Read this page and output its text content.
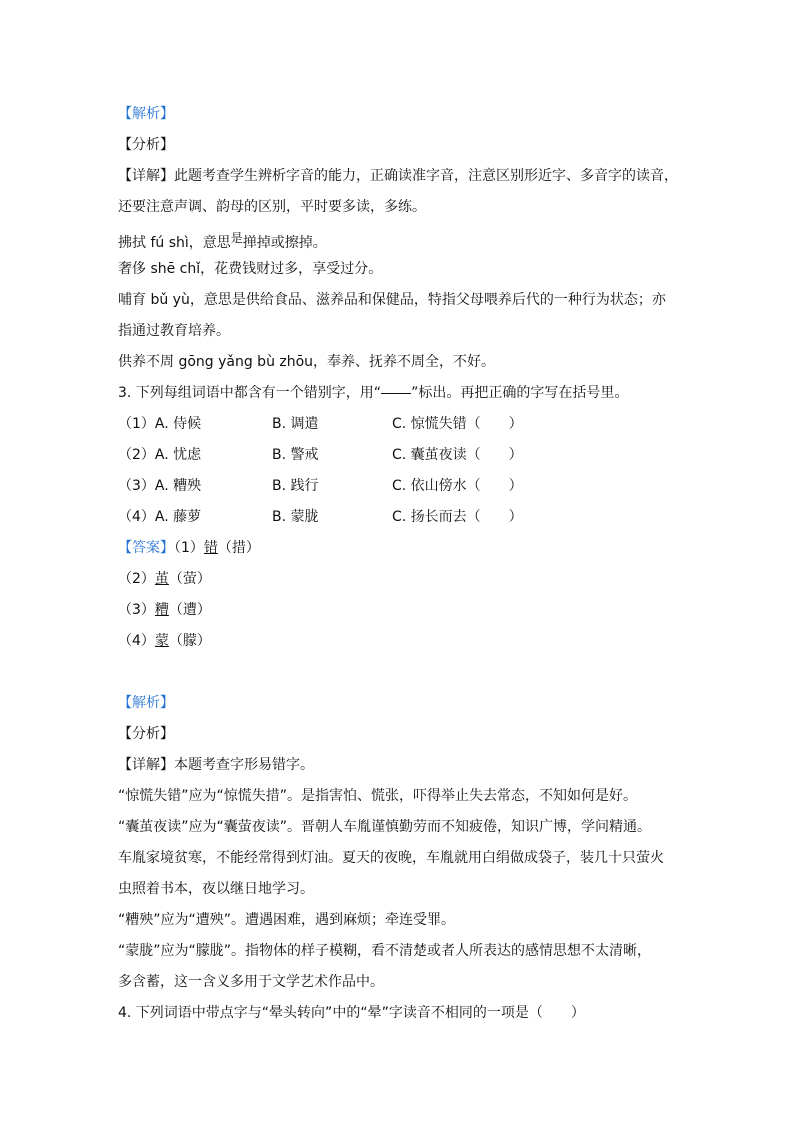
【解析】
【分析】
【详解】此题考查学生辨析字音的能力，正确读准字音，注意区别形近字、多音字的读音，
还要注意声调、韵母的区别，平时要多读，多练。
拂拭 fú shì，意思是掸掉或擦掉。
奢侈 shē chǐ，花费钱财过多，享受过分。
哺育 bǔ yù，意思是供给食品、滋养品和保健品，特指父母喂养后代的一种行为状态；亦
指通过教育培养。
供养不周 gōng yǎng bù zhōu，奉养、抚养不周全，不好。
3. 下列每组词语中都含有一个错别字，用“ ”标出。再把正确的字写在括号里。
（1）A. 侍候	B. 调遣	C. 惊慌失错（　　）
（2）A. 忧虑	B. 警戒	C. 囊茧夜读（　　）
（3）A. 糟殃	B. 践行	C. 依山傍水（　　）
（4）A. 藤萝	B. 蒙胧	C. 扬长而去（　　）
【答案】（1）错（措）
（2）茧（萤）
（3）糟（遭）
（4）蒙（朦）
【解析】
【分析】
【详解】本题考查字形易错字。
“惊慌失错”应为“惊慌失措”。是指害怕、慌张，吓得举止失去常态，不知如何是好。
“囊茧夜读”应为“囊萤夜读”。晋朝人车胤谨慎勤劳而不知疲倦，知识广博，学问精通。
车胤家境贫寒，不能经常得到灯油。夏天的夜晚，车胤就用白绢做成袋子，装几十只萤火
虫照着书本，夜以继日地学习。
“糟殃”应为“遭殃”。遭遇困难，遇到麻烦；牵连受罪。
“蒙胧”应为“朦胧”。指物体的样子模糊，看不清楚或者人所表达的感情思想不太清晰，
多含蓄，这一含义多用于文学艺术作品中。
4. 下列词语中带点字与“晕头转向”中的“晕”字读音不相同的一项是（　　）
